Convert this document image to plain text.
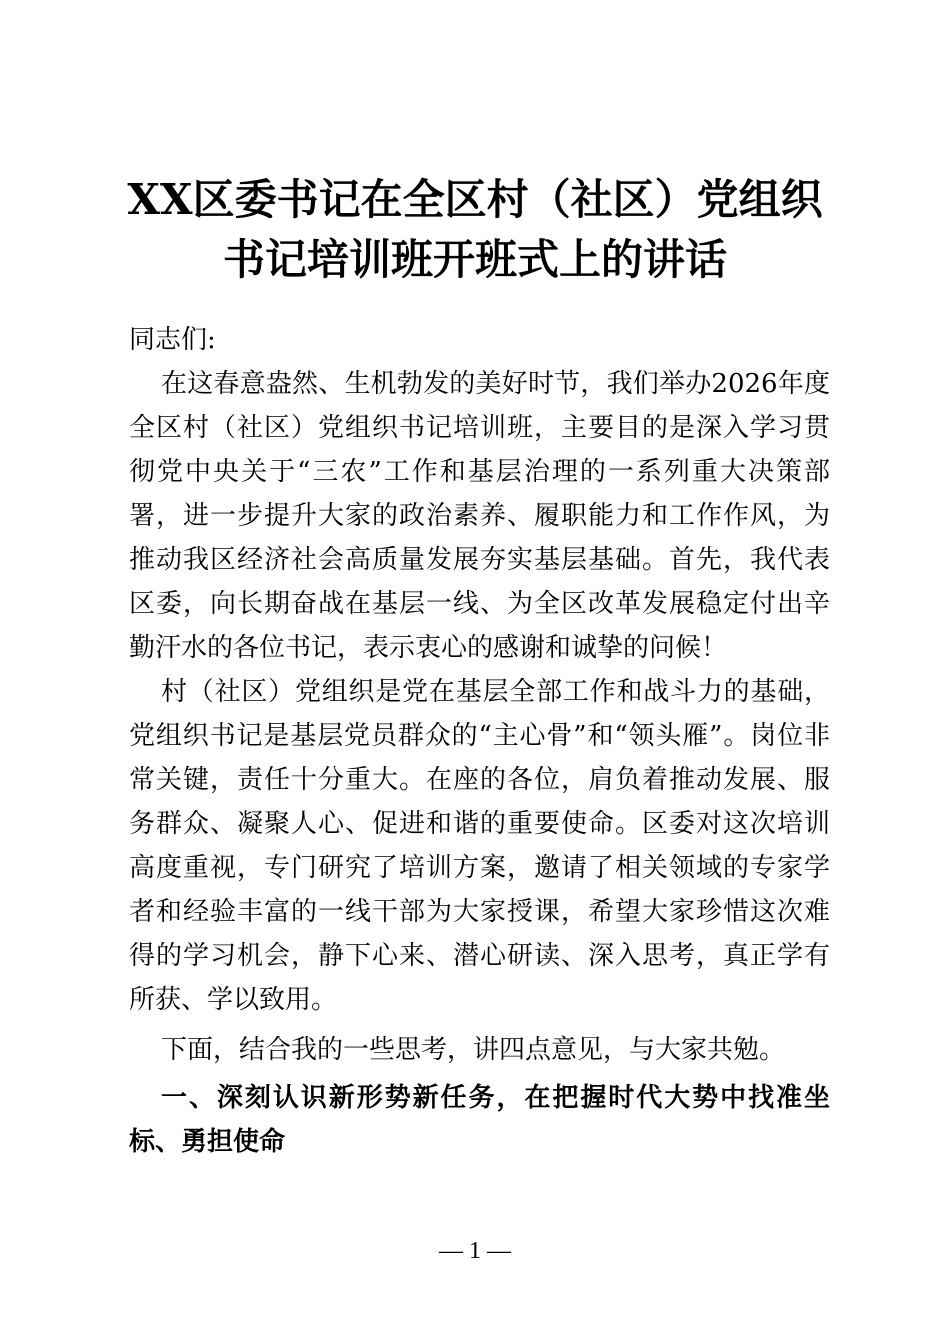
XX区委书记在全区村（社区）党组织
书记培训班开班式上的讲话

同志们:

在这春意盎然、生机勃发的美好时节，我们举办2026年度全区村（社区）党组织书记培训班，主要目的是深入学习贯彻党中央关于“三农”工作和基层治理的一系列重大决策部署，进一步提升大家的政治素养、履职能力和工作作风，为推动我区经济社会高质量发展夯实基层基础。首先，我代表区委，向长期奋战在基层一线、为全区改革发展稳定付出辛勤汗水的各位书记，表示衷心的感谢和诚挚的问候！

村（社区）党组织是党在基层全部工作和战斗力的基础，党组织书记是基层党员群众的“主心骨”和“领头雁”。岗位非常关键，责任十分重大。在座的各位，肩负着推动发展、服务群众、凝聚人心、促进和谐的重要使命。区委对这次培训高度重视，专门研究了培训方案，邀请了相关领域的专家学者和经验丰富的一线干部为大家授课，希望大家珍惜这次难得的学习机会，静下心来、潜心研读、深入思考，真正学有所获、学以致用。

下面，结合我的一些思考，讲四点意见，与大家共勉。

一、深刻认识新形势新任务，在把握时代大势中找准坐标、勇担使命

— 1 —
